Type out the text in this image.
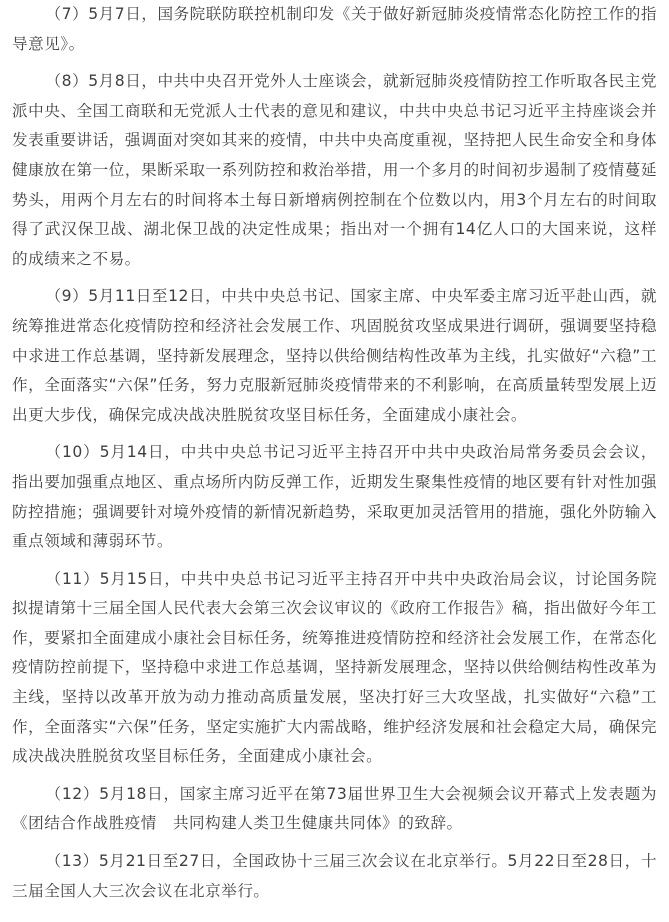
（7）5月7日，国务院联防联控机制印发《关于做好新冠肺炎疫情常态化防控工作的指导意见》。

（8）5月8日，中共中央召开党外人士座谈会，就新冠肺炎疫情防控工作听取各民主党派中央、全国工商联和无党派人士代表的意见和建议，中共中央总书记习近平主持座谈会并发表重要讲话，强调面对突如其来的疫情，中共中央高度重视，坚持把人民生命安全和身体健康放在第一位，果断采取一系列防控和救治举措，用一个多月的时间初步遏制了疫情蔓延势头，用两个月左右的时间将本土每日新增病例控制在个位数以内，用3个月左右的时间取得了武汉保卫战、湖北保卫战的决定性成果；指出对一个拥有14亿人口的大国来说，这样的成绩来之不易。

（9）5月11日至12日，中共中央总书记、国家主席、中央军委主席习近平赴山西，就统筹推进常态化疫情防控和经济社会发展工作、巩固脱贫攻坚成果进行调研，强调要坚持稳中求进工作总基调，坚持新发展理念，坚持以供给侧结构性改革为主线，扎实做好“六稳”工作，全面落实“六保”任务，努力克服新冠肺炎疫情带来的不利影响，在高质量转型发展上迈出更大步伐，确保完成决战决胜脱贫攻坚目标任务，全面建成小康社会。

（10）5月14日，中共中央总书记习近平主持召开中共中央政治局常务委员会会议，指出要加强重点地区、重点场所内防反弹工作，近期发生聚集性疫情的地区要有针对性加强防控措施；强调要针对境外疫情的新情况新趋势，采取更加灵活管用的措施，强化外防输入重点领域和薄弱环节。

（11）5月15日，中共中央总书记习近平主持召开中共中央政治局会议，讨论国务院拟提请第十三届全国人民代表大会第三次会议审议的《政府工作报告》稿，指出做好今年工作，要紧扣全面建成小康社会目标任务，统筹推进疫情防控和经济社会发展工作，在常态化疫情防控前提下，坚持稳中求进工作总基调，坚持新发展理念，坚持以供给侧结构性改革为主线，坚持以改革开放为动力推动高质量发展，坚决打好三大攻坚战，扎实做好“六稳”工作，全面落实“六保”任务，坚定实施扩大内需战略，维护经济发展和社会稳定大局，确保完成决战决胜脱贫攻坚目标任务，全面建成小康社会。

（12）5月18日，国家主席习近平在第73届世界卫生大会视频会议开幕式上发表题为《团结合作战胜疫情　共同构建人类卫生健康共同体》的致辞。

（13）5月21日至27日，全国政协十三届三次会议在北京举行。5月22日至28日，十三届全国人大三次会议在北京举行。
